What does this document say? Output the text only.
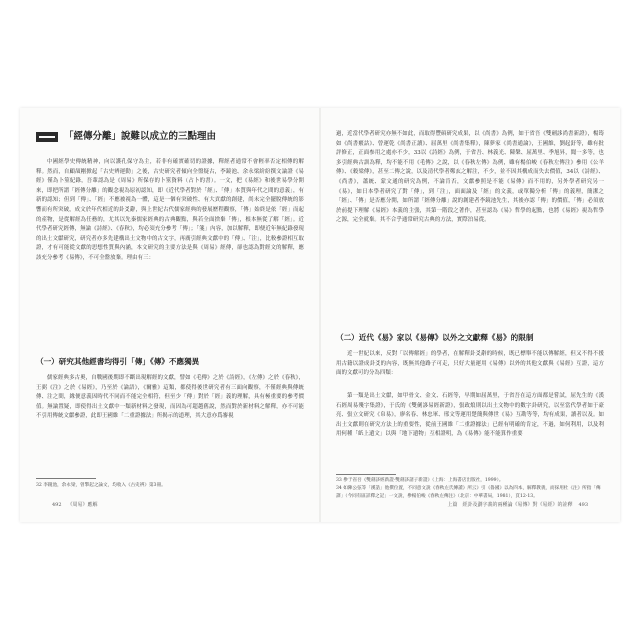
「經傳分離」說難以成立的三點理由

中國經學史傳統精神，向以護孔保守為主，若非有確實確切的證據，釋經者通常不會輕率否定相傳的解釋。然而，自顧頡剛掀起「古史辨運動」之後，古史研究者傾向全盤疑古，李鏡池、余永梁紛紛撰文論證《易經》僅為卜筮紀錄，吾輩認為是《周易》所保存的卜筮資料（占卜的書）。一文，把《易經》和後世易學分開來，即把所謂「經傳分離」的觀念視為原初認知，即《近代學者對於「經」、「傳」本質與年代之間的意義」，有新的認知；但到「傳」、「經」不應被視為一體，這是一個有突破性、有大貢獻的創建，尚未完全擺脫傳統的影響而有所突破，成文於年代相近的卦爻辭，與上世紀古代儒家經典的發展歷程觀察，「傳」始終是依「經」而起的產物，是從解經為任務的，尤其以先秦儒家經典的古典觀點，與若全面捨棄「傳」，根本無從了解「經」。近代學者研究經傳，無論《詩經》、《春秋》，均必須充分參考「傳」；「箋」內容，加以解釋，即便近年無紀錄發現的出土文獻研究，研究者亦多先建構出土文物中的古文字，再廣引經典文獻中的「傳」、「注」，比較參證相互取證，才有可能從文獻的思想性質與內涵，本文研究的主要方法是與《周易》經傳，卻也認為對經文的解釋，應該充分參考《易傳》，不可全盤放棄。理由有三：

（一）研究其他經書均得引「傳」《傳》不應獨異

儒家經典多古奧，自戰國後期即不斷出現解經的文獻，譬如《毛傳》之於《詩經》，《左傳》之於《春秋》，王弼《注》之於《易經》，乃至於《論語》，《爾雅》這類，都使得後世研究者有三面向觀察，不僅經典與傳統傳、注之間，緣便意義因時代不同而不能完全相符，但至少「傳」對於「經」義的理解，具有極重要的參考價值。無論置疑，即使得出土文獻中一類新材料之發現，而因為可超越舊說，然而對於新材料之解釋，亦不可能不引用傳統文獻參證，此即王國維「二重證據法」所揭示的道理，其大意亦爲審視

32 李鏡池，余永梁，曾擎起之論文，均收入《古史辨》第3冊。

492 《周易》應解

過，近當代學者研究亦無不如此，而取得豐碩研究成果，以《尚書》為例，如于省吾《雙劍誃尚書新證》，楊筠如《尚書覈詁》、曾運乾《尚書正讀》、屈萬里《尚書集釋》，陳夢家《尚書通論》，王國維，劉起釪等，雖有批評修正，正面参用之處亦不少，33以《詩經》為例，于省吾、林義光、陳槃、屈萬里、季旭昇，聞一多等，也多引經典古訓為釋，均不能不用《毛傳》之說，以《春秋左傳》為例，雖有楊伯峻《春秋左傳注》參用《公羊傳》、《穀梁傳》，甚至二傳之說，以及清代學者鄭玄之解注，不少，並不因其構成而失去價值，34以《詩經》、《尚書》，蕭統、蒙文通的研究為例，不論肯否，文獻參照是不能《易傳》而不用的，另外學者研究另一《易》，如日本學者研究了對「傳」，到「注」，面面論及「經」的文義，或單獨分析「傳」的義理，簡潔之「經」、「傳」是否應分開，如所謂「經傳分離」說的創建者李鏡池先生，其後亦認「傳」的價值，「傳」必須放於前提下理解《易經》本義的主張，其第一階段之著作，甚至認為《易》哲學的起點，也將《易經》視為哲學之源，完全就棄。其不合乎通常研究古典的方法，實際泊易從。

（二）近代《易》家以《易傳》以外之文獻釋《易》的限制

近一世紀以來，反對「以傳解經」的學者，在解釋卦爻辭的時候，既已標舉不能以傳解經，但又不得不援用古籍以證成卦爻的內容，既無其他路子可走，只好大量運用《易傳》以外的其他文獻與《易經》互證，這方面的文獻可約分為四類：

第一類是出土文獻，如甲骨文、金文、石經等，早期如屈萬里，于省吾在這方面都是嘗試，屈先生的《漢石經周易殘字集證》，于氏的《雙劍誃易經新證》，張政烺則以出土文物中的數字卦研究，以至當代學者如于豪亮、張立文研究《帛易》，廖名春、林忠軍、邢文等運用楚簡與傳世《易》互勘等等，均有成果，讀者以及。如出土文獻則在研究方法上的重要性，從前王國維「二重證據法」已經有明確的肯定，不過，如何利用，以及利用何種「紙上遺文」以與「地下遺物」互相證明，為《易傳》能不能算作重要

33 參于省吾《雙劍誃經新證·雙劍誃諸子新證》（上海：上海書店出版社，1999）。

34 如陳公弦等「漢誥」他撰位置，不同意文說《春秋左氏傳讀》所云》引《魯國》以為四本，解釋教義，而採用杜《注》所指「傳譯」（今同有區詳釋之記」一文說，參楊伯峻《春秋左傳注》（北京：中華書局，1981），頁12-13。

上篇　經卦及劃字義的兩種論《易傳》對《易經》的詮釋 493
